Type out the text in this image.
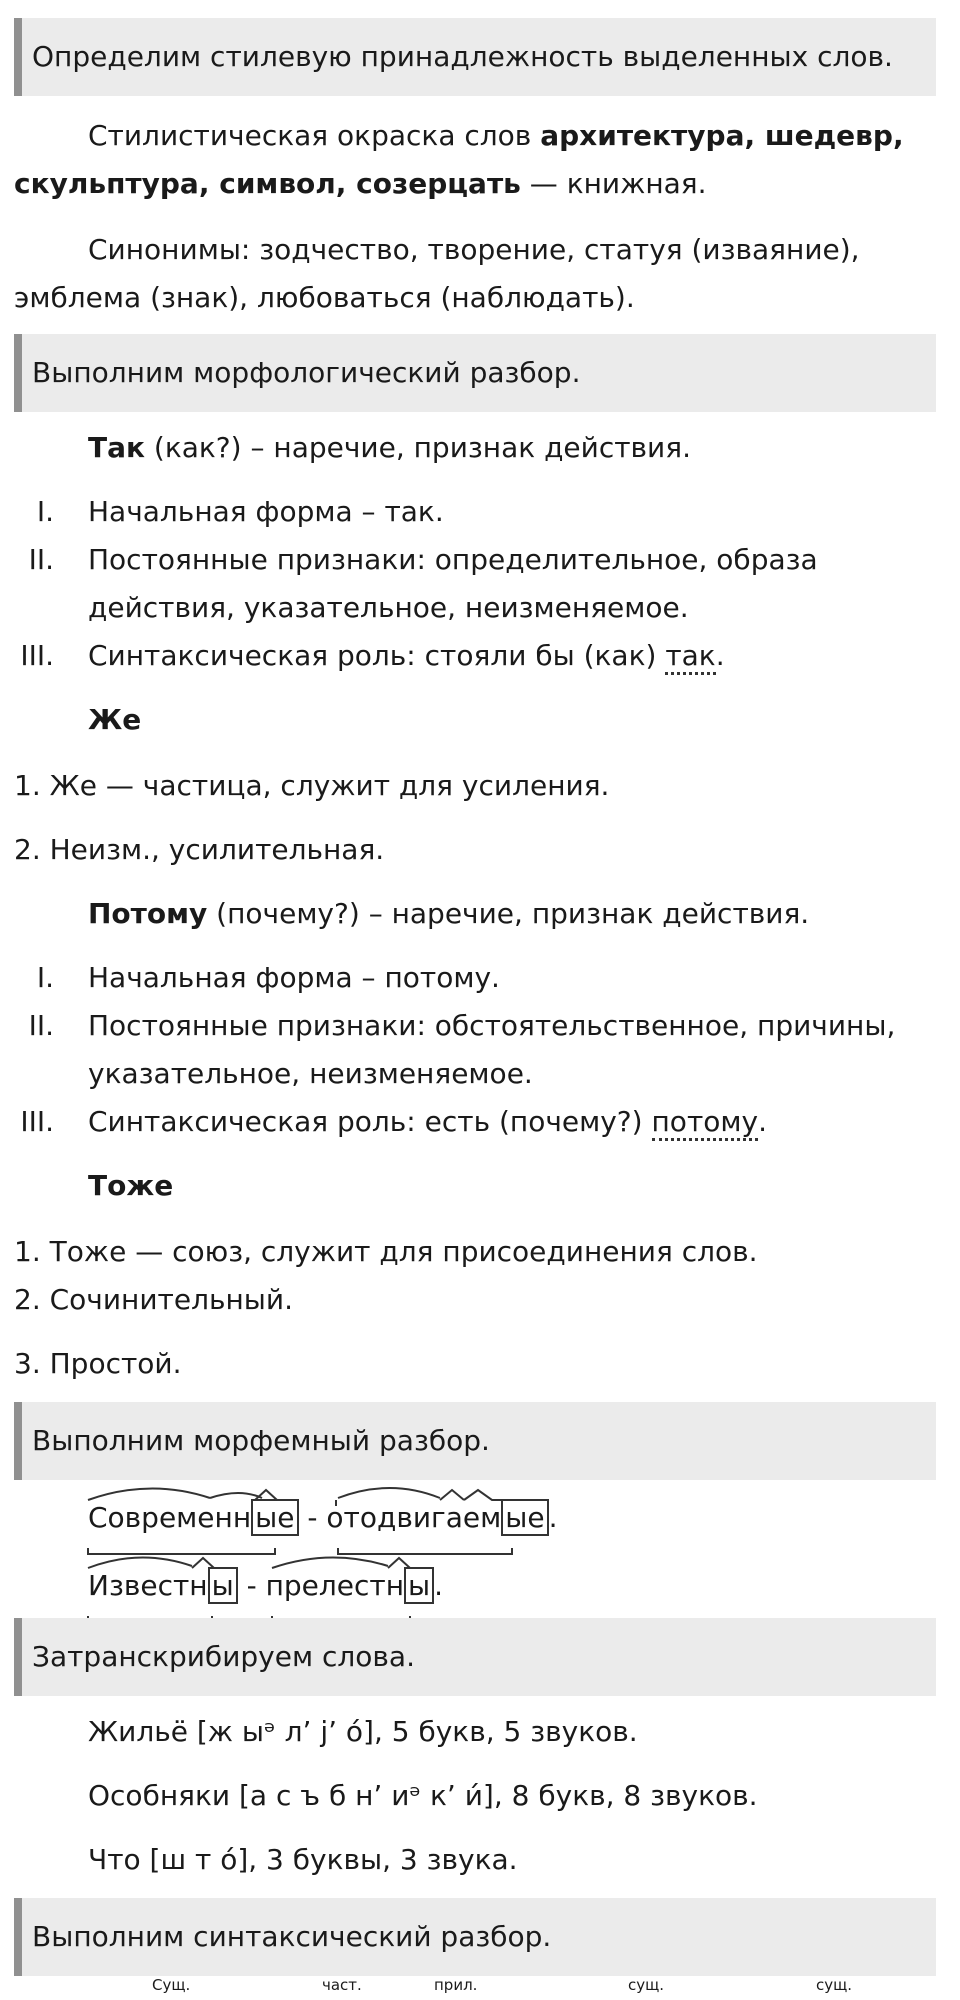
Определим стилевую принадлежность выделенных слов.
Стилистическая окраска слов архитектура, шедевр,
скульптура, символ, созерцать — книжная.
Синонимы: зодчество, творение, статуя (изваяние),
эмблема (знак), любоваться (наблюдать).
Выполним морфологический разбор.
Так (как?) – наречие, признак действия.
I. Начальная форма – так.
II. Постоянные признаки: определительное, образа
действия, указательное, неизменяемое.
III. Синтаксическая роль: стояли бы (как) так.
Же
1. Же — частица, служит для усиления.
2. Неизм., усилительная.
Потому (почему?) – наречие, признак действия.
I. Начальная форма – потому.
II. Постоянные признаки: обстоятельственное, причины,
указательное, неизменяемое.
III. Синтаксическая роль: есть (почему?) потому.
Тоже
1. Тоже — союз, служит для присоединения слов.
2. Сочинительный.
3. Простой.
Выполним морфемный разбор.
Современн ые - отодвигаем ые .
Известн ы - прелестн ы .
Затранскрибируем слова.
Жильё [ж ыᵊ л’ j’ о́], 5 букв, 5 звуков.
Особняки [а с ъ б н’ иᵊ к’ и́], 8 букв, 8 звуков.
Что [ш т о́], 3 буквы, 3 звука.
Выполним синтаксический разбор.
Сущ.	част.	прил.	сущ.	сущ.
